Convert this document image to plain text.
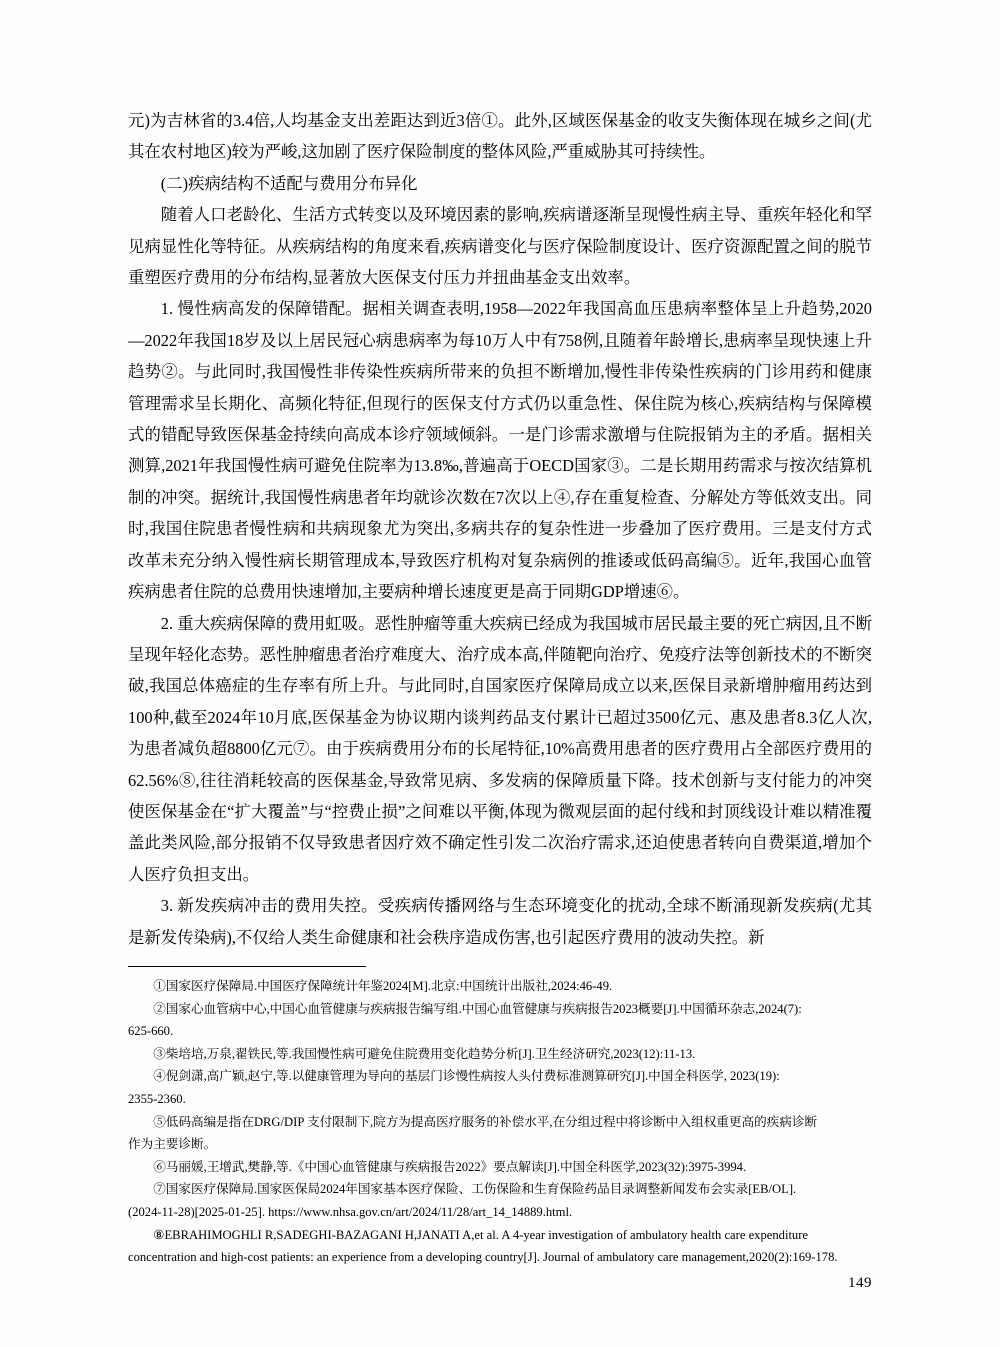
元)为吉林省的3.4倍,人均基金支出差距达到近3倍①。此外,区域医保基金的收支失衡体现在城乡之间(尤其在农村地区)较为严峻,这加剧了医疗保险制度的整体风险,严重威胁其可持续性。

(二)疾病结构不适配与费用分布异化

随着人口老龄化、生活方式转变以及环境因素的影响,疾病谱逐渐呈现慢性病主导、重疾年轻化和罕见病显性化等特征。从疾病结构的角度来看,疾病谱变化与医疗保险制度设计、医疗资源配置之间的脱节重塑医疗费用的分布结构,显著放大医保支付压力并扭曲基金支出效率。

1. 慢性病高发的保障错配。据相关调查表明,1958—2022年我国高血压患病率整体呈上升趋势,2020—2022年我国18岁及以上居民冠心病患病率为每10万人中有758例,且随着年龄增长,患病率呈现快速上升趋势②。与此同时,我国慢性非传染性疾病所带来的负担不断增加,慢性非传染性疾病的门诊用药和健康管理需求呈长期化、高频化特征,但现行的医保支付方式仍以重急性、保住院为核心,疾病结构与保障模式的错配导致医保基金持续向高成本诊疗领域倾斜。一是门诊需求激增与住院报销为主的矛盾。据相关测算,2021年我国慢性病可避免住院率为13.8‰,普遍高于OECD国家③。二是长期用药需求与按次结算机制的冲突。据统计,我国慢性病患者年均就诊次数在7次以上④,存在重复检查、分解处方等低效支出。同时,我国住院患者慢性病和共病现象尤为突出,多病共存的复杂性进一步叠加了医疗费用。三是支付方式改革未充分纳入慢性病长期管理成本,导致医疗机构对复杂病例的推诿或低码高编⑤。近年,我国心血管疾病患者住院的总费用快速增加,主要病种增长速度更是高于同期GDP增速⑥。

2. 重大疾病保障的费用虹吸。恶性肿瘤等重大疾病已经成为我国城市居民最主要的死亡病因,且不断呈现年轻化态势。恶性肿瘤患者治疗难度大、治疗成本高,伴随靶向治疗、免疫疗法等创新技术的不断突破,我国总体癌症的生存率有所上升。与此同时,自国家医疗保障局成立以来,医保目录新增肿瘤用药达到100种,截至2024年10月底,医保基金为协议期内谈判药品支付累计已超过3500亿元、惠及患者8.3亿人次,为患者减负超8800亿元⑦。由于疾病费用分布的长尾特征,10%高费用患者的医疗费用占全部医疗费用的62.56%⑧,往往消耗较高的医保基金,导致常见病、多发病的保障质量下降。技术创新与支付能力的冲突使医保基金在“扩大覆盖”与“控费止损”之间难以平衡,体现为微观层面的起付线和封顶线设计难以精准覆盖此类风险,部分报销不仅导致患者因疗效不确定性引发二次治疗需求,还迫使患者转向自费渠道,增加个人医疗负担支出。

3. 新发疾病冲击的费用失控。受疾病传播网络与生态环境变化的扰动,全球不断涌现新发疾病(尤其是新发传染病),不仅给人类生命健康和社会秩序造成伤害,也引起医疗费用的波动失控。新

①国家医疗保障局.中国医疗保障统计年鉴2024[M].北京:中国统计出版社,2024:46-49.

②国家心血管病中心,中国心血管健康与疾病报告编写组.中国心血管健康与疾病报告2023概要[J].中国循环杂志,2024(7):

625-660.

③柴培培,万泉,翟铁民,等.我国慢性病可避免住院费用变化趋势分析[J].卫生经济研究,2023(12):11-13.

④倪剑潇,高广颖,赵宁,等.以健康管理为导向的基层门诊慢性病按人头付费标准测算研究[J].中国全科医学, 2023(19):

2355-2360.

⑤低码高编是指在DRG/DIP 支付限制下,院方为提高医疗服务的补偿水平,在分组过程中将诊断中入组权重更高的疾病诊断

作为主要诊断。

⑥马丽媛,王增武,樊静,等.《中国心血管健康与疾病报告2022》要点解读[J].中国全科医学,2023(32):3975-3994.

⑦国家医疗保障局.国家医保局2024年国家基本医疗保险、工伤保险和生育保险药品目录调整新闻发布会实录[EB/OL].

(2024-11-28)[2025-01-25]. https://www.nhsa.gov.cn/art/2024/11/28/art_14_14889.html.

⑧EBRAHIMOGHLI R,SADEGHI-BAZAGANI H,JANATI A,et al. A 4-year investigation of ambulatory health care expenditure

concentration and high-cost patients: an experience from a developing country[J]. Journal of ambulatory care management,2020(2):169-178.

149
